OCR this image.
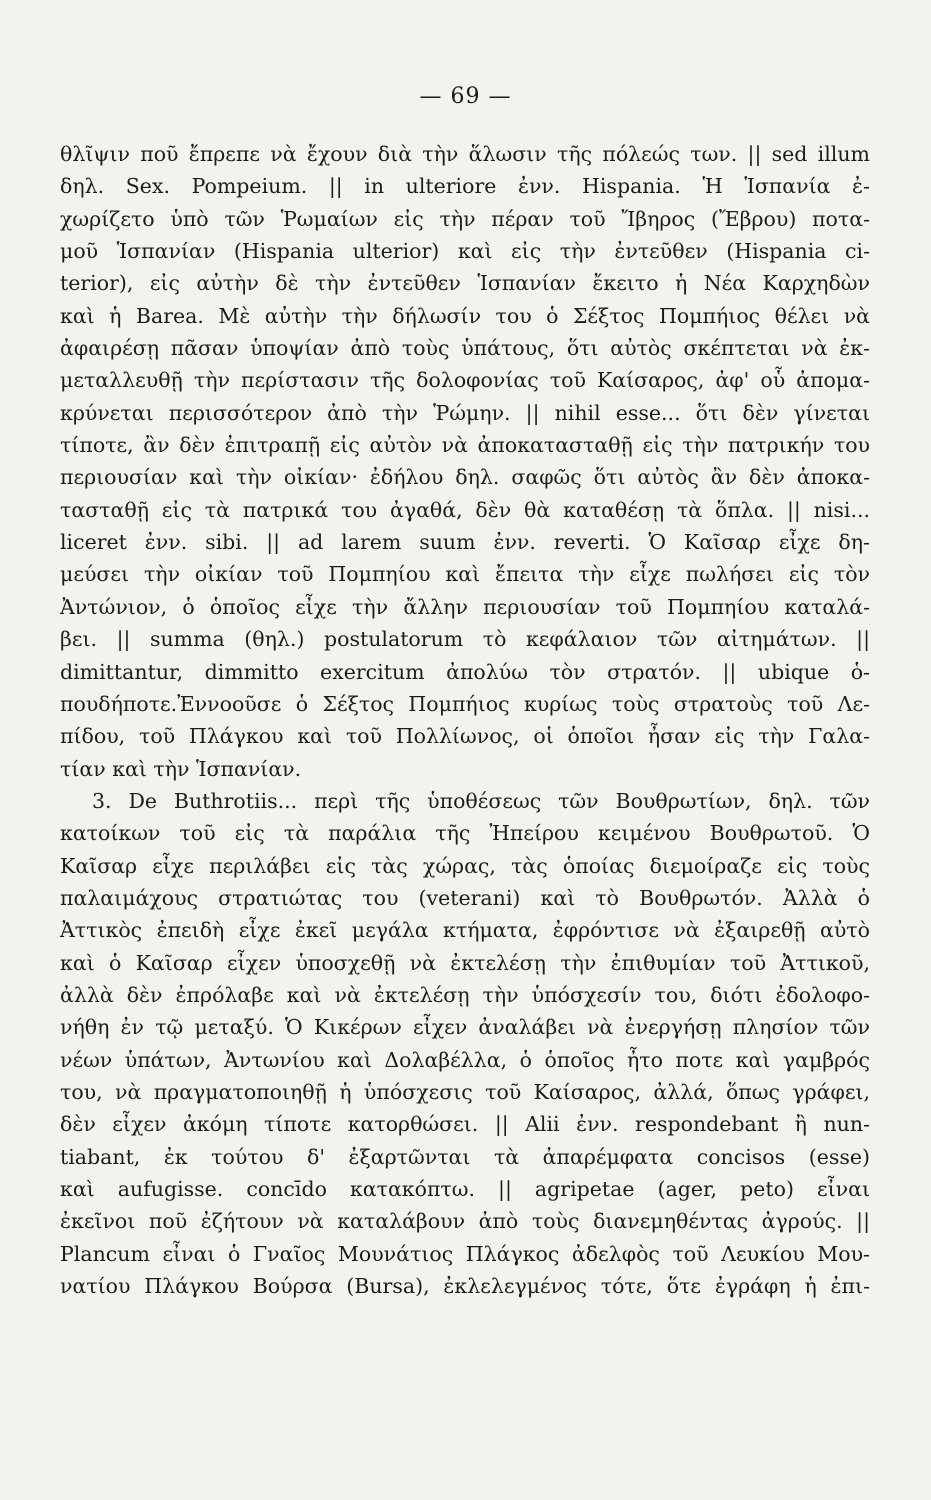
— 69 —
θλῖψιν ποῦ ἔπρεπε νὰ ἔχουν διὰ τὴν ἅλωσιν τῆς πόλεώς των. || sed illum
δηλ. Sex. Pompeium. || in ulteriore ἐνν. Hispania. Ἡ Ἱσπανία ἐ-
χωρίζετο ὑπὸ τῶν Ῥωμαίων εἰς τὴν πέραν τοῦ Ἴβηρος (Ἔβρου) ποτα-
μοῦ Ἱσπανίαν (Hispania ulterior) καὶ εἰς τὴν ἐντεῦθεν (Hispania ci-
terior), εἰς αὐτὴν δὲ τὴν ἐντεῦθεν Ἱσπανίαν ἔκειτο ἡ Νέα Καρχηδὼν
καὶ ἡ Barea. Μὲ αὐτὴν τὴν δήλωσίν του ὁ Σέξτος Πομπήιος θέλει νὰ
ἀφαιρέσῃ πᾶσαν ὑποψίαν ἀπὸ τοὺς ὑπάτους, ὅτι αὐτὸς σκέπτεται νὰ ἐκ-
μεταλλευθῇ τὴν περίστασιν τῆς δολοφονίας τοῦ Καίσαρος, ἀφ' οὗ ἀπομα-
κρύνεται περισσότερον ἀπὸ τὴν Ῥώμην. || nihil esse... ὅτι δὲν γίνεται
τίποτε, ἂν δὲν ἐπιτραπῇ εἰς αὐτὸν νὰ ἀποκατασταθῇ εἰς τὴν πατρικήν του
περιουσίαν καὶ τὴν οἰκίαν· ἐδήλου δηλ. σαφῶς ὅτι αὐτὸς ἂν δὲν ἀποκα-
τασταθῇ εἰς τὰ πατρικά του ἀγαθά, δὲν θὰ καταθέσῃ τὰ ὅπλα. || nisi...
liceret ἐνν. sibi. || ad larem suum ἐνν. reverti. Ὁ Καῖσαρ εἶχε δη-
μεύσει τὴν οἰκίαν τοῦ Πομπηίου καὶ ἔπειτα τὴν εἶχε πωλήσει εἰς τὸν
Ἀντώνιον, ὁ ὁποῖος εἶχε τὴν ἄλλην περιουσίαν τοῦ Πομπηίου καταλά-
βει. || summa (θηλ.) postulatorum τὸ κεφάλαιον τῶν αἰτημάτων. ||
dimittantur, dimmitto exercitum ἀπολύω τὸν στρατόν. || ubique ὁ-
πουδήποτε.Ἐννοοῦσε ὁ Σέξτος Πομπήιος κυρίως τοὺς στρατοὺς τοῦ Λε-
πίδου, τοῦ Πλάγκου καὶ τοῦ Πολλίωνος, οἱ ὁποῖοι ἦσαν εἰς τὴν Γαλα-
τίαν καὶ τὴν Ἱσπανίαν.
3. De Buthrotiis... περὶ τῆς ὑποθέσεως τῶν Βουθρωτίων, δηλ. τῶν
κατοίκων τοῦ εἰς τὰ παράλια τῆς Ἠπείρου κειμένου Βουθρωτοῦ. Ὁ
Καῖσαρ εἶχε περιλάβει εἰς τὰς χώρας, τὰς ὁποίας διεμοίραζε εἰς τοὺς
παλαιμάχους στρατιώτας του (veterani) καὶ τὸ Βουθρωτόν. Ἀλλὰ ὁ
Ἀττικὸς ἐπειδὴ εἶχε ἐκεῖ μεγάλα κτήματα, ἐφρόντισε νὰ ἐξαιρεθῇ αὐτὸ
καὶ ὁ Καῖσαρ εἶχεν ὑποσχεθῇ νὰ ἐκτελέσῃ τὴν ἐπιθυμίαν τοῦ Ἀττικοῦ,
ἀλλὰ δὲν ἐπρόλαβε καὶ νὰ ἐκτελέσῃ τὴν ὑπόσχεσίν του, διότι ἐδολοφο-
νήθη ἐν τῷ μεταξύ. Ὁ Κικέρων εἶχεν ἀναλάβει νὰ ἐνεργήσῃ πλησίον τῶν
νέων ὑπάτων, Ἀντωνίου καὶ Δολαβέλλα, ὁ ὁποῖος ἦτο ποτε καὶ γαμβρός
του, νὰ πραγματοποιηθῇ ἡ ὑπόσχεσις τοῦ Καίσαρος, ἀλλά, ὅπως γράφει,
δὲν εἶχεν ἀκόμη τίποτε κατορθώσει. || Alii ἐνν. respondebant ἢ nun-
tiabant, ἐκ τούτου δ' ἐξαρτῶνται τὰ ἀπαρέμφατα concisos (esse)
καὶ aufugisse. concīdo κατακόπτω. || agripetae (ager, peto) εἶναι
ἐκεῖνοι ποῦ ἐζήτουν νὰ καταλάβουν ἀπὸ τοὺς διανεμηθέντας ἀγρούς. ||
Plancum εἶναι ὁ Γναῖος Μουνάτιος Πλάγκος ἀδελφὸς τοῦ Λευκίου Μου-
νατίου Πλάγκου Βούρσα (Bursa), ἐκλελεγμένος τότε, ὅτε ἐγράφη ἡ ἐπι-
